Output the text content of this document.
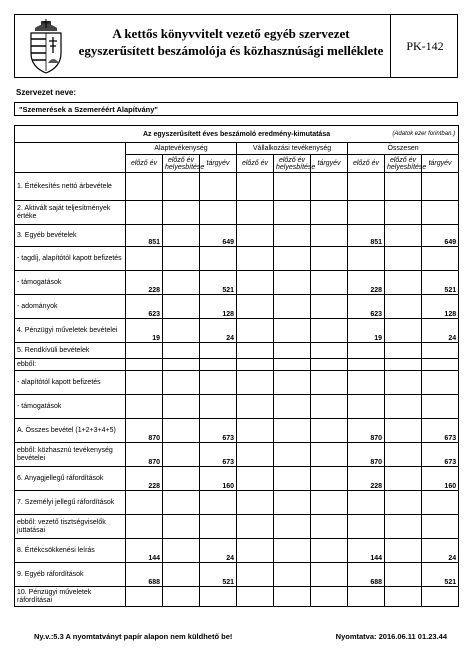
A kettős könyvvitelt vezető egyéb szervezet
egyszerűsített beszámolója és közhasznúsági melléklete	PK-142
Szervezet neve:
"Szemerések a Szemeréért Alapítvány"
Az egyszerűsített éves beszámoló eredmény-kimutatása (Adatok ezer forintban.)									

	Alaptevékenység			Vállalkozási tevékenység			Összesen		
	előző év	előző év helyesbítése	tárgyév	előző év	előző év helyesbítése	tárgyév	előző év	előző év helyesbítése	tárgyév
1. Értékesítés nettó árbevétele									
2. Aktivált saját teljesítmények értéke									
3. Egyéb bevételek	851		649				851		649
- tagdíj, alapítótól kapott befizetés									
- támogatások	228		521				228		521
- adományok	623		128				623		128
4. Pénzügyi műveletek bevételei	19		24				19		24
5. Rendkívüli bevételek									
ebből:									
- alapítótól kapott befizetés									
- támogatások									
A. Összes bevétel (1+2+3+4+5)	870		673				870		673
ebből: közhasznú tevékenység bevételei	870		673				870		673
6. Anyagjellegű ráfordítások	228		160				228		160
7. Személyi jellegű ráfordítások									
ebből: vezető tisztségviselők juttatásai									
8. Értékcsökkenési leírás	144		24				144		24
9. Egyéb ráfordítások	688		521				688		521
10. Pénzügyi műveletek ráfordításai									
Ny.v.:5.3 A nyomtatványt papír alapon nem küldhető be!	Nyomtatva: 2016.06.11 01.23.44
